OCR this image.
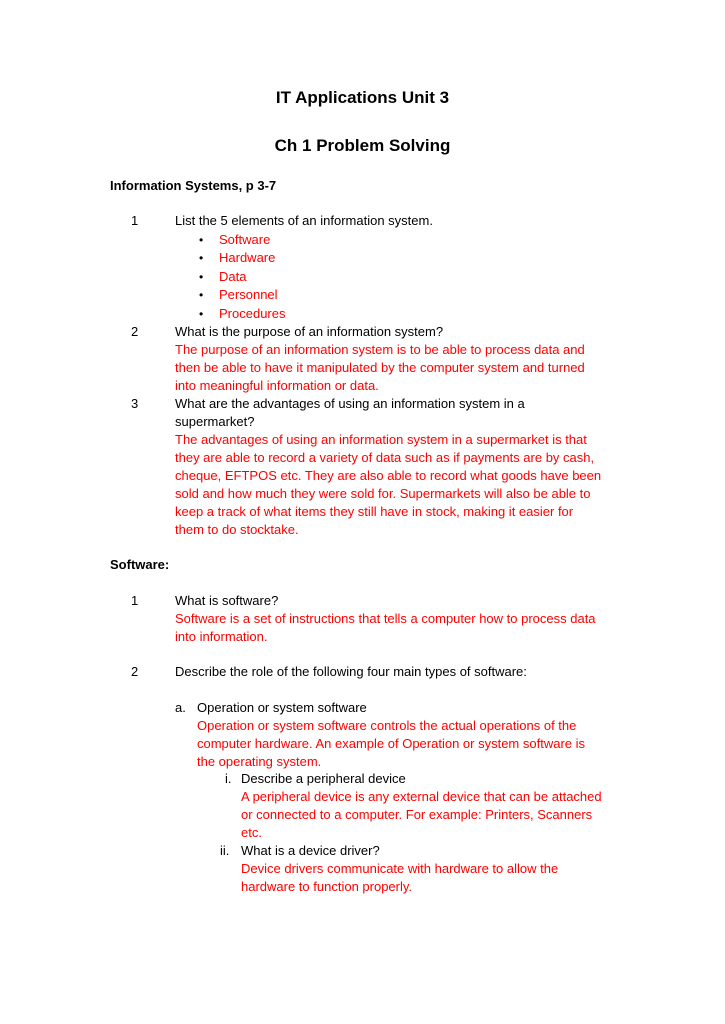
IT Applications Unit 3
Ch 1 Problem Solving
Information Systems, p 3-7
1	List the 5 elements of an information system.
• Software
• Hardware
• Data
• Personnel
• Procedures
2	What is the purpose of an information system?
The purpose of an information system is to be able to process data and
then be able to have it manipulated by the computer system and turned
into meaningful information or data.
3	What are the advantages of using an information system in a
supermarket?
The advantages of using an information system in a supermarket is that
they are able to record a variety of data such as if payments are by cash,
cheque, EFTPOS etc. They are also able to record what goods have been
sold and how much they were sold for. Supermarkets will also be able to
keep a track of what items they still have in stock, making it easier for
them to do stocktake.
Software:
1	What is software?
Software is a set of instructions that tells a computer how to process data
into information.
2	Describe the role of the following four main types of software:
a. Operation or system software
Operation or system software controls the actual operations of the
computer hardware. An example of Operation or system software is
the operating system.
i. Describe a peripheral device
A peripheral device is any external device that can be attached
or connected to a computer. For example: Printers, Scanners
etc.
ii. What is a device driver?
Device drivers communicate with hardware to allow the
hardware to function properly.
